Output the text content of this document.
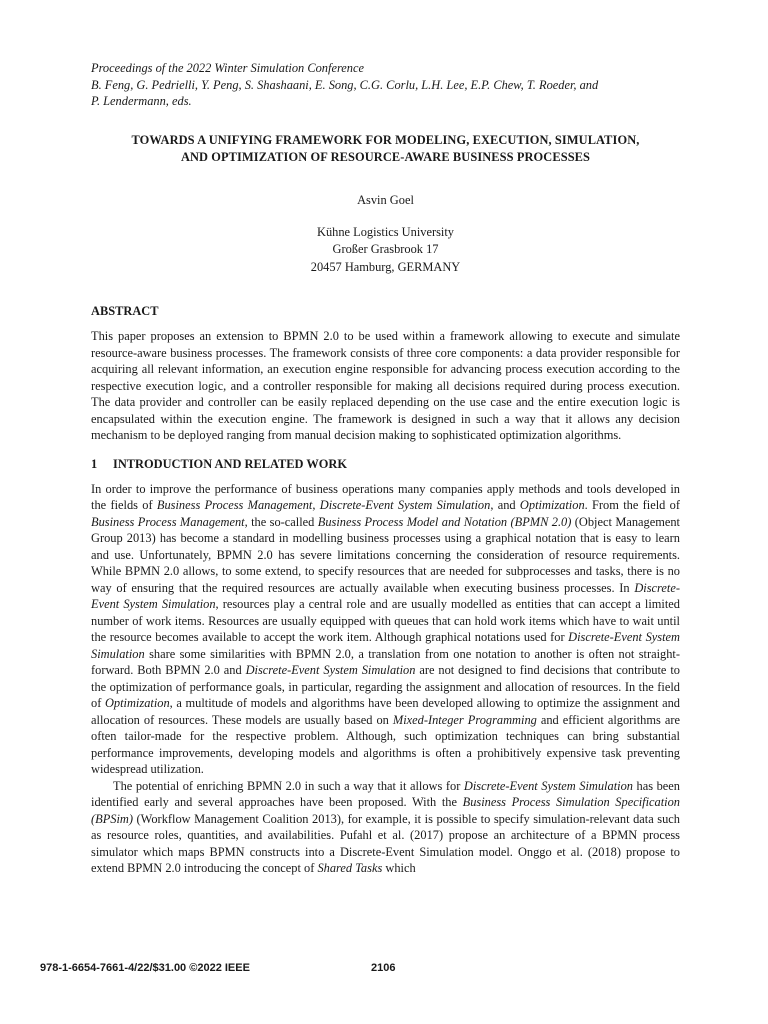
Proceedings of the 2022 Winter Simulation Conference
B. Feng, G. Pedrielli, Y. Peng, S. Shashaani, E. Song, C.G. Corlu, L.H. Lee, E.P. Chew, T. Roeder, and
P. Lendermann, eds.
TOWARDS A UNIFYING FRAMEWORK FOR MODELING, EXECUTION, SIMULATION,
AND OPTIMIZATION OF RESOURCE-AWARE BUSINESS PROCESSES
Asvin Goel
Kühne Logistics University
Großer Grasbrook 17
20457 Hamburg, GERMANY
ABSTRACT

This paper proposes an extension to BPMN 2.0 to be used within a framework allowing to execute and simulate resource-aware business processes. The framework consists of three core components: a data provider responsible for acquiring all relevant information, an execution engine responsible for advancing process execution according to the respective execution logic, and a controller responsible for making all decisions required during process execution. The data provider and controller can be easily replaced depending on the use case and the entire execution logic is encapsulated within the execution engine. The framework is designed in such a way that it allows any decision mechanism to be deployed ranging from manual decision making to sophisticated optimization algorithms.

1 INTRODUCTION AND RELATED WORK

In order to improve the performance of business operations many companies apply methods and tools developed in the fields of Business Process Management, Discrete-Event System Simulation, and Optimization. From the field of Business Process Management, the so-called Business Process Model and Notation (BPMN 2.0) (Object Management Group 2013) has become a standard in modelling business processes using a graphical notation that is easy to learn and use. Unfortunately, BPMN 2.0 has severe limitations concerning the consideration of resource requirements. While BPMN 2.0 allows, to some extend, to specify resources that are needed for subprocesses and tasks, there is no way of ensuring that the required resources are actually available when executing business processes. In Discrete-Event System Simulation, resources play a central role and are usually modelled as entities that can accept a limited number of work items. Resources are usually equipped with queues that can hold work items which have to wait until the resource becomes available to accept the work item. Although graphical notations used for Discrete-Event System Simulation share some similarities with BPMN 2.0, a translation from one notation to another is often not straight-forward. Both BPMN 2.0 and Discrete-Event System Simulation are not designed to find decisions that contribute to the optimization of performance goals, in particular, regarding the assignment and allocation of resources. In the field of Optimization, a multitude of models and algorithms have been developed allowing to optimize the assignment and allocation of resources. These models are usually based on Mixed-Integer Programming and efficient algorithms are often tailor-made for the respective problem. Although, such optimization techniques can bring substantial performance improvements, developing models and algorithms is often a prohibitively expensive task preventing widespread utilization.

The potential of enriching BPMN 2.0 in such a way that it allows for Discrete-Event System Simulation has been identified early and several approaches have been proposed. With the Business Process Simulation Specification (BPSim) (Workflow Management Coalition 2013), for example, it is possible to specify simulation-relevant data such as resource roles, quantities, and availabilities. Pufahl et al. (2017) propose an architecture of a BPMN process simulator which maps BPMN constructs into a Discrete-Event Simulation model. Onggo et al. (2018) propose to extend BPMN 2.0 introducing the concept of Shared Tasks which

978-1-6654-7661-4/22/$31.00 ©2022 IEEE	2106
